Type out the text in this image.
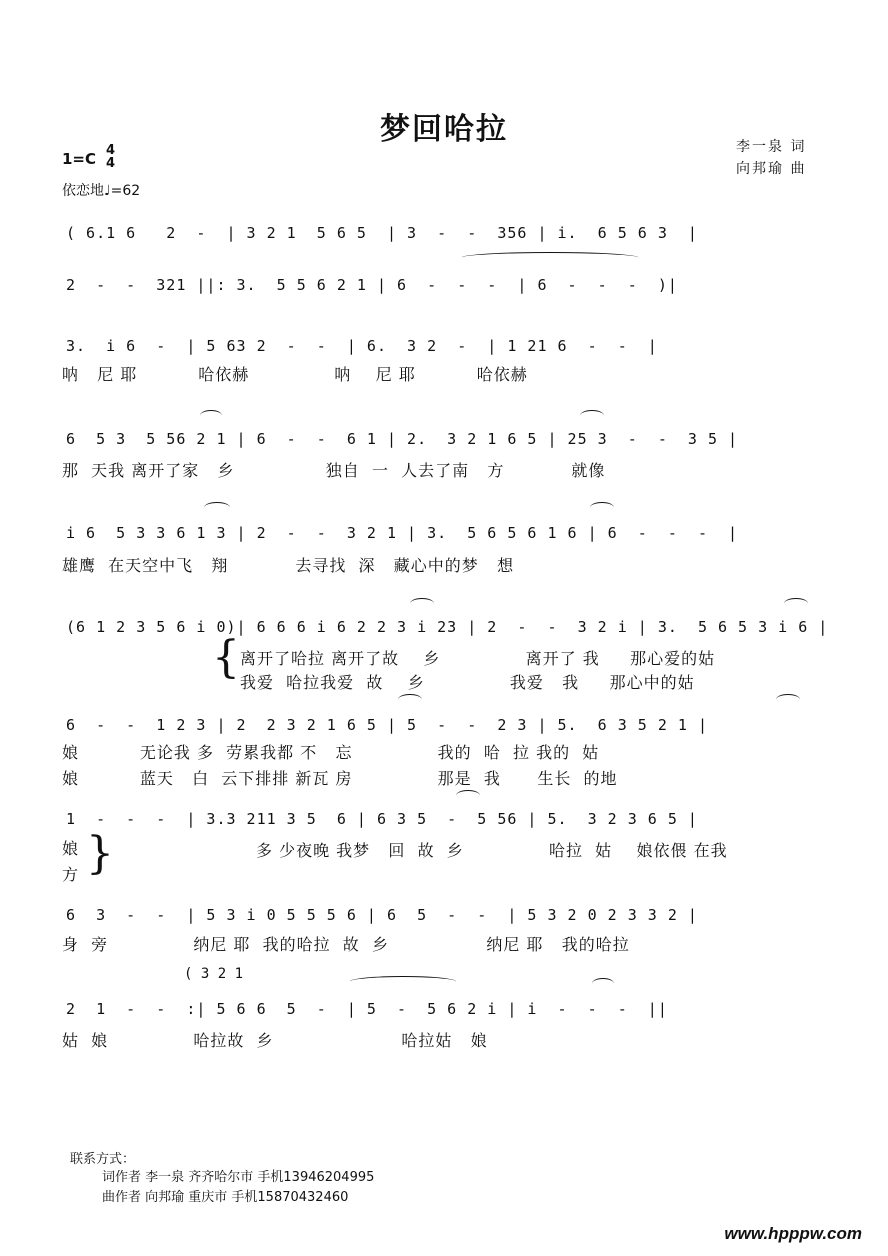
梦回哈拉
1=C 4
4
依恋地♩=62
李一泉 词
向邦瑜 曲
( 6.1 6   2  -  | 3 2 1  5 6 5  | 3  -  -  356 | i.  6 5 6 3  |
2  -  -  321 ||: 3.  5 5 6 2 1 | 6  -  -  -  | 6  -  -  -  )|
3.  i 6  -  | 5 63 2  -  -  | 6.  3 2  -  | 1 21 6  -  -  |
呐   尼 耶          哈依赫              呐    尼 耶          哈依赫
6  5 3  5 56 2 1 | 6  -  -  6 1 | 2.  3 2 1 6 5 | 25 3  -  -  3 5 |
那  天我 离开了家   乡               独自  一  人去了南   方           就像
i 6  5 3 3 6 1 3 | 2  -  -  3 2 1 | 3.  5 6 5 6 1 6 | 6  -  -  -  |
雄鹰  在天空中飞   翔           去寻找  深   藏心中的梦   想
(6 1 2 3 5 6 i 0)| 6 6 6 i 6 2 2 3 i 23 | 2  -  -  3 2 i | 3.  5 6 5 3 i 6 |
{ 离开了哈拉 离开了故    乡              离开了 我     那心爱的姑
我爱  哈拉我爱  故    乡              我爱   我     那心中的姑
6  -  -  1 2 3 | 2  2 3 2 1 6 5 | 5  -  -  2 3 | 5.  6 3 5 2 1 |
娘          无论我 多  劳累我都 不   忘              我的  哈  拉 我的  姑
娘          蓝天   白  云下排排 新瓦 房              那是  我      生长  的地
1  -  -  -  | 3.3 211 3 5  6 | 6 3 5  -  5 56 | 5.  3 2 3 6 5 |
娘
方 }	多 少夜晚 我梦   回  故  乡              哈拉  姑    娘依偎 在我
6  3  -  -  | 5 3 i 0 5 5 5 6 | 6  5  -  -  | 5 3 2 0 2 3 3 2 |
身  旁              纳尼 耶  我的哈拉  故  乡                纳尼 耶   我的哈拉
( 3 2 1
2  1  -  -  :| 5 6 6  5  -  | 5  -  5 6 2 i | i  -  -  -  ||
姑  娘              哈拉故  乡                     哈拉姑   娘
联系方式：
词作者 李一泉 齐齐哈尔市 手机13946204995
曲作者 向邦瑜 重庆市 手机15870432460
www.hpppw.com
